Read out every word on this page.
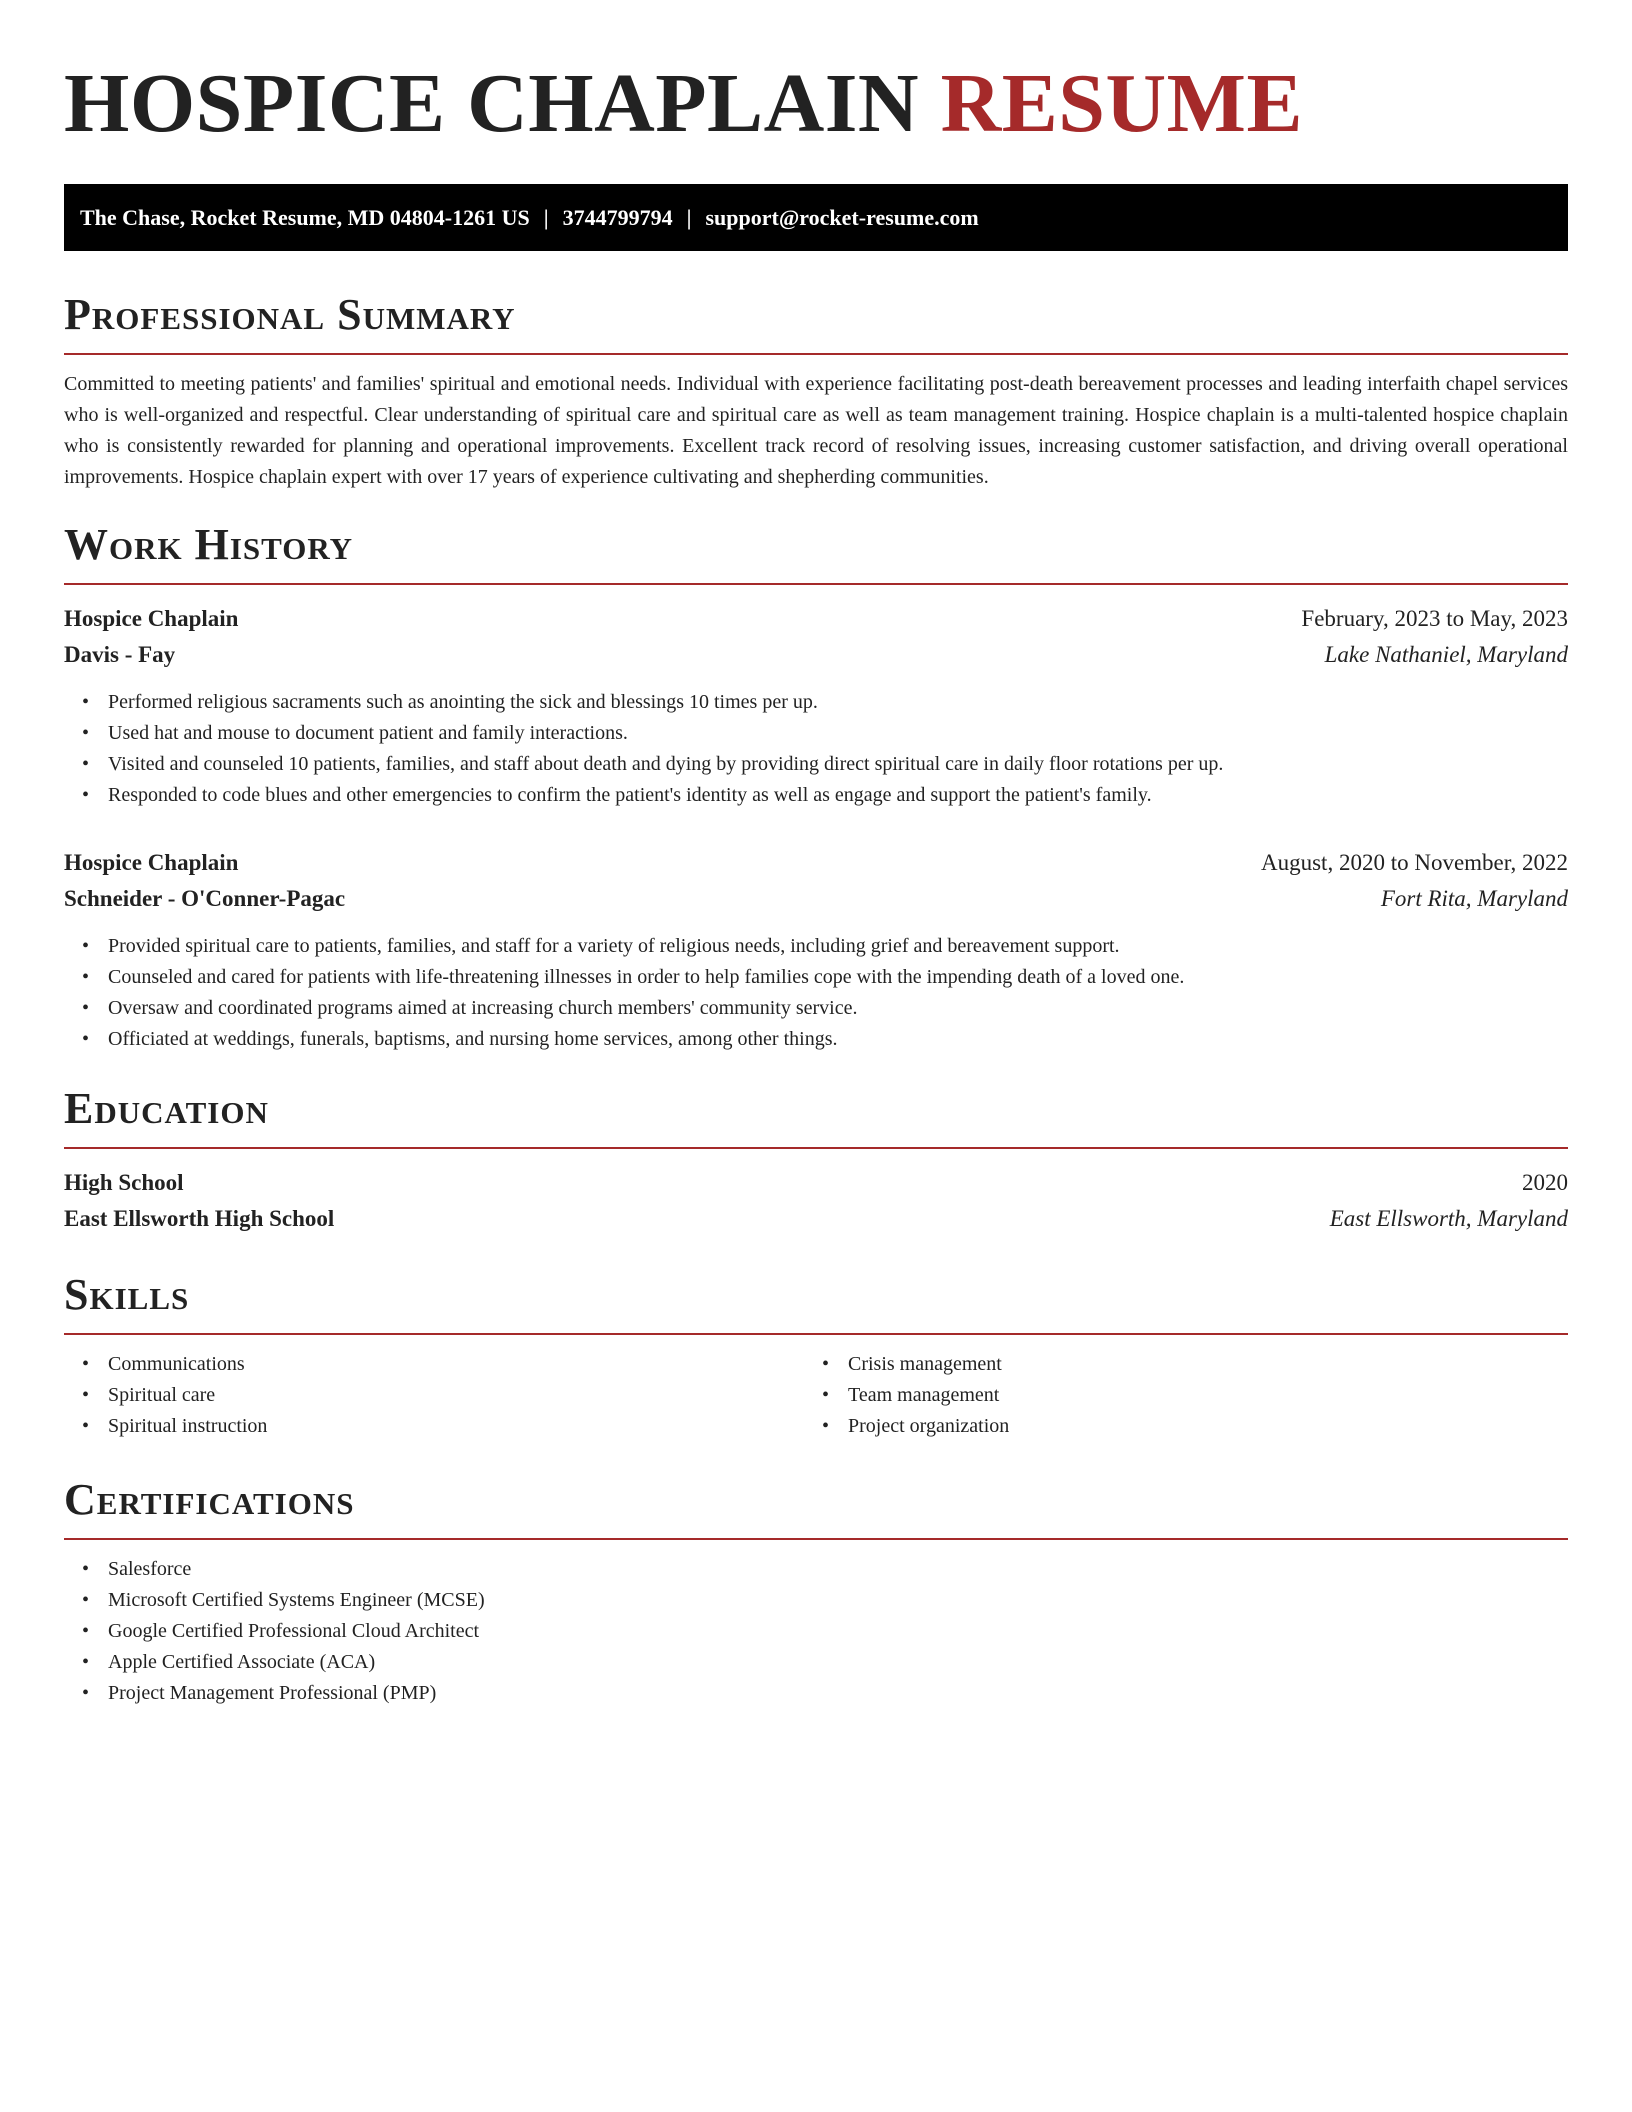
HOSPICE CHAPLAIN RESUME
The Chase, Rocket Resume, MD 04804-1261 US | 3744799794 | support@rocket-resume.com
Professional Summary

Committed to meeting patients' and families' spiritual and emotional needs. Individual with experience facilitating post-death bereavement processes and leading interfaith chapel services who is well-organized and respectful. Clear understanding of spiritual care and spiritual care as well as team management training. Hospice chaplain is a multi-talented hospice chaplain who is consistently rewarded for planning and operational improvements. Excellent track record of resolving issues, increasing customer satisfaction, and driving overall operational improvements. Hospice chaplain expert with over 17 years of experience cultivating and shepherding communities.

Work History
Hospice Chaplain	February, 2023 to May, 2023
Davis - Fay	Lake Nathaniel, Maryland
• Performed religious sacraments such as anointing the sick and blessings 10 times per up.
• Used hat and mouse to document patient and family interactions.
• Visited and counseled 10 patients, families, and staff about death and dying by providing direct spiritual care in daily floor rotations per up.
• Responded to code blues and other emergencies to confirm the patient's identity as well as engage and support the patient's family.
Hospice Chaplain	August, 2020 to November, 2022
Schneider - O'Conner-Pagac	Fort Rita, Maryland
• Provided spiritual care to patients, families, and staff for a variety of religious needs, including grief and bereavement support.
• Counseled and cared for patients with life-threatening illnesses in order to help families cope with the impending death of a loved one.
• Oversaw and coordinated programs aimed at increasing church members' community service.
• Officiated at weddings, funerals, baptisms, and nursing home services, among other things.
Education
High School	2020
East Ellsworth High School	East Ellsworth, Maryland
Skills
• Communications
• Spiritual care
• Spiritual instruction
• Crisis management
• Team management
• Project organization
Certifications
• Salesforce
• Microsoft Certified Systems Engineer (MCSE)
• Google Certified Professional Cloud Architect
• Apple Certified Associate (ACA)
• Project Management Professional (PMP)
